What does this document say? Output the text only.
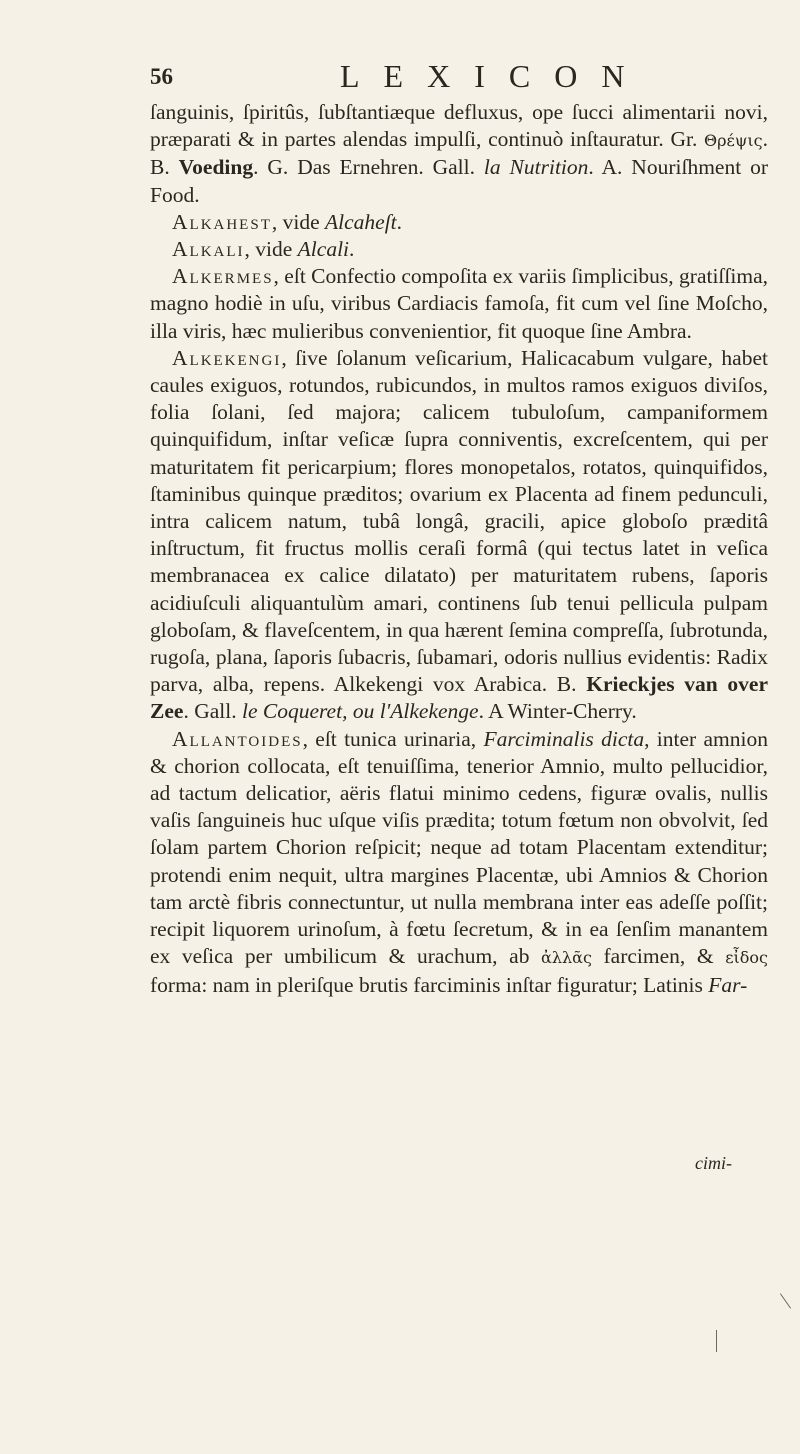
56	LEXICON

ſanguinis, ſpiritûs, ſubſtantiæque defluxus, ope ſucci alimentarii novi, præparati & in partes alendas impulſi, continuò inſtauratur. Gr. Θρέψις. B. Voeding. G. Das Ernehren. Gall. la Nutrition. A. Nouriſhment or Food.

Alkahest, vide Alcaheſt.

Alkali, vide Alcali.

Alkermes, eſt Confectio compoſita ex variis ſimplicibus, gratiſſima, magno hodiè in uſu, viribus Cardiacis famoſa, fit cum vel ſine Moſcho, illa viris, hæc mulieribus convenientior, fit quoque ſine Ambra.

Alkekengi, ſive ſolanum veſicarium, Halicacabum vulgare, habet caules exiguos, rotundos, rubicundos, in multos ramos exiguos diviſos, folia ſolani, ſed majora; calicem tubuloſum, campaniformem quinquifidum, inſtar veſicæ ſupra conniventis, excreſcentem, qui per maturitatem fit pericarpium; flores monopetalos, rotatos, quinquifidos, ſtaminibus quinque præditos; ovarium ex Placenta ad finem pedunculi, intra calicem natum, tubâ longâ, gracili, apice globoſo præditâ inſtructum, fit fructus mollis ceraſi formâ (qui tectus latet in veſica membranacea ex calice dilatato) per maturitatem rubens, ſaporis acidiuſculi aliquantulùm amari, continens ſub tenui pellicula pulpam globoſam, & flaveſcentem, in qua hærent ſemina compreſſa, ſubrotunda, rugoſa, plana, ſaporis ſubacris, ſubamari, odoris nullius evidentis: Radix parva, alba, repens. Alkekengi vox Arabica. B. Krieckjes van over Zee. Gall. le Coqueret, ou l'Alkekenge. A Winter-Cherry.

Allantoides, eſt tunica urinaria, Farciminalis dicta, inter amnion & chorion collocata, eſt tenuiſſima, tenerior Amnio, multo pellucidior, ad tactum delicatior, aëris flatui minimo cedens, figuræ ovalis, nullis vaſis ſanguineis huc uſque viſis prædita; totum fœtum non obvolvit, ſed ſolam partem Chorion reſpicit; neque ad totam Placentam extenditur; protendi enim nequit, ultra margines Placentæ, ubi Amnios & Chorion tam arctè fibris connectuntur, ut nulla membrana inter eas adeſſe poſſit; recipit liquorem urinoſum, à fœtu ſecretum, & in ea ſenſim manantem ex veſica per umbilicum & urachum, ab ἀλλᾶς farcimen, & εἶδος forma: nam in pleriſque brutis farciminis inſtar figuratur; Latinis Far-

cimi-
